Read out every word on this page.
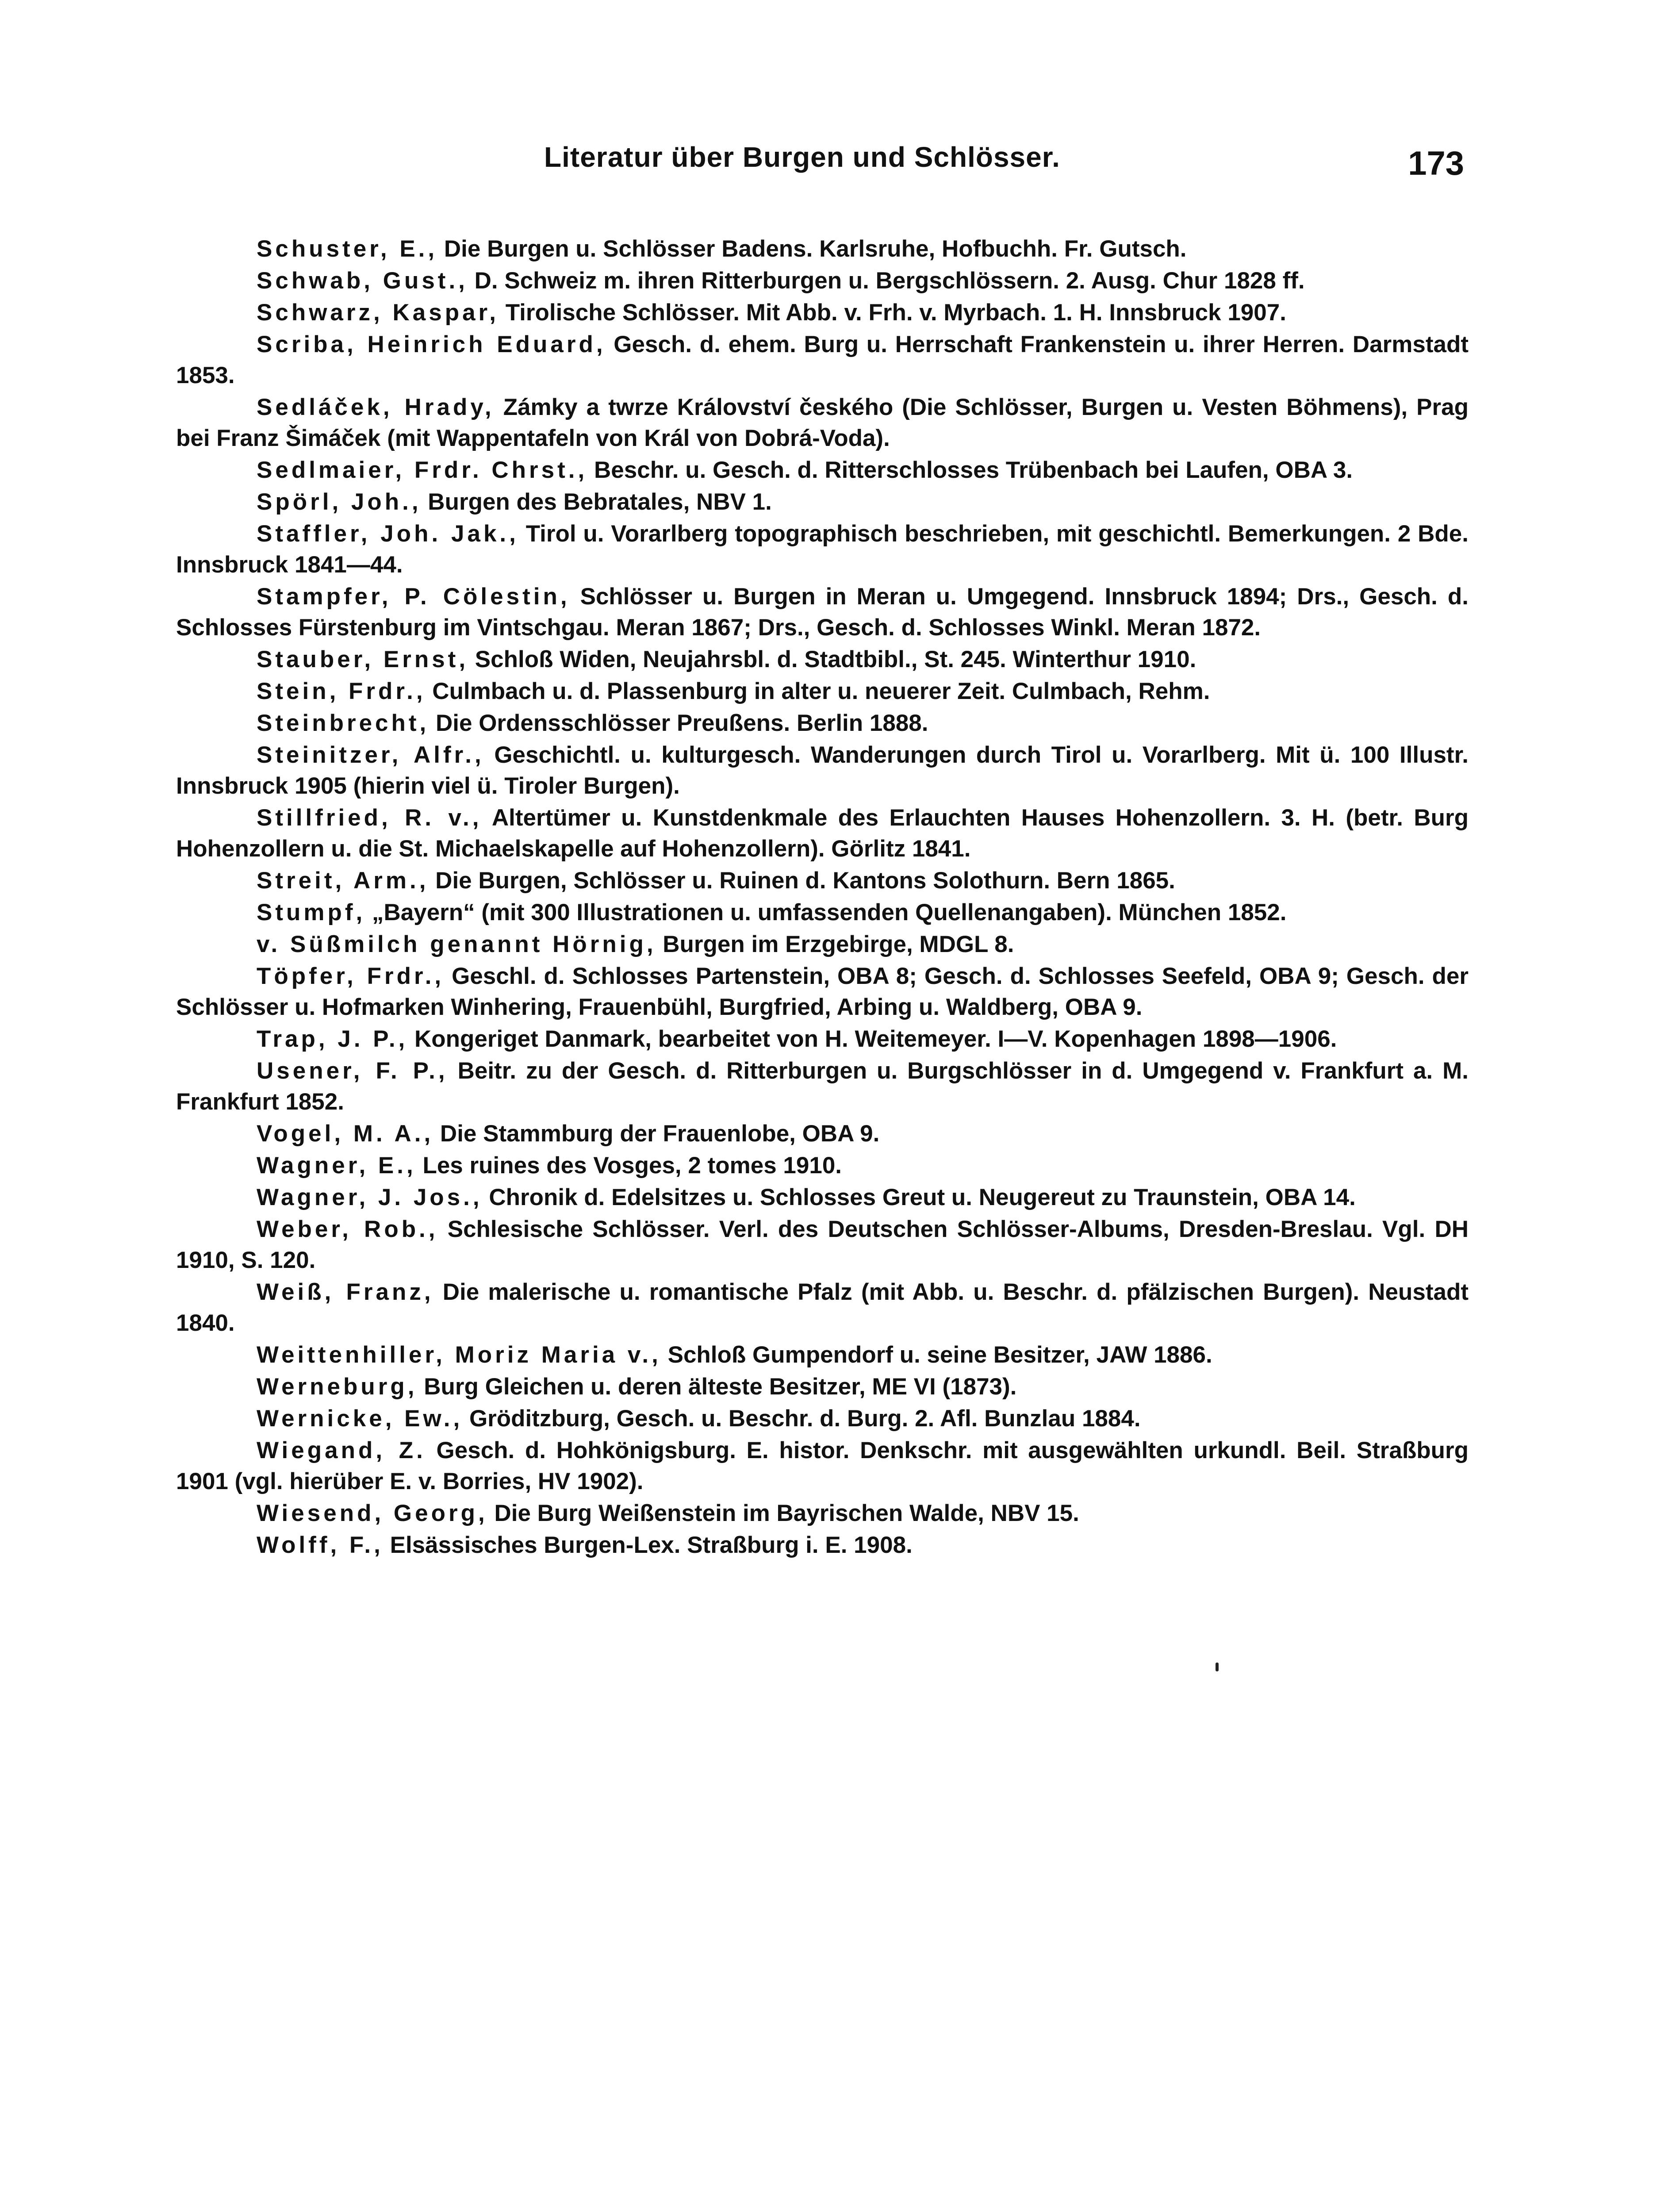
Literatur über Burgen und Schlösser.	173

Schuster, E., Die Burgen u. Schlösser Badens. Karlsruhe, Hofbuchh. Fr. Gutsch.

Schwab, Gust., D. Schweiz m. ihren Ritterburgen u. Bergschlössern. 2. Ausg. Chur 1828 ff.

Schwarz, Kaspar, Tirolische Schlösser. Mit Abb. v. Frh. v. Myrbach. 1. H. Innsbruck 1907.

Scriba, Heinrich Eduard, Gesch. d. ehem. Burg u. Herrschaft Frankenstein u. ihrer Herren. Darmstadt 1853.

Sedláček, Hrady, Zámky a twrze Království českého (Die Schlösser, Burgen u. Vesten Böhmens), Prag bei Franz Šimáček (mit Wappentafeln von Král von Dobrá-Voda).

Sedlmaier, Frdr. Chrst., Beschr. u. Gesch. d. Ritterschlosses Trübenbach bei Laufen, OBA 3.

Spörl, Joh., Burgen des Bebratales, NBV 1.

Staffler, Joh. Jak., Tirol u. Vorarlberg topographisch beschrieben, mit geschichtl. Bemerkungen. 2 Bde. Innsbruck 1841—44.

Stampfer, P. Cölestin, Schlösser u. Burgen in Meran u. Umgegend. Innsbruck 1894; Drs., Gesch. d. Schlosses Fürstenburg im Vintschgau. Meran 1867; Drs., Gesch. d. Schlosses Winkl. Meran 1872.

Stauber, Ernst, Schloß Widen, Neujahrsbl. d. Stadtbibl., St. 245. Winterthur 1910.

Stein, Frdr., Culmbach u. d. Plassenburg in alter u. neuerer Zeit. Culmbach, Rehm.

Steinbrecht, Die Ordensschlösser Preußens. Berlin 1888.

Steinitzer, Alfr., Geschichtl. u. kulturgesch. Wanderungen durch Tirol u. Vorarlberg. Mit ü. 100 Illustr. Innsbruck 1905 (hierin viel ü. Tiroler Burgen).

Stillfried, R. v., Altertümer u. Kunstdenkmale des Erlauchten Hauses Hohenzollern. 3. H. (betr. Burg Hohenzollern u. die St. Michaelskapelle auf Hohenzollern). Görlitz 1841.

Streit, Arm., Die Burgen, Schlösser u. Ruinen d. Kantons Solothurn. Bern 1865.

Stumpf, „Bayern“ (mit 300 Illustrationen u. umfassenden Quellenangaben). München 1852.

v. Süßmilch genannt Hörnig, Burgen im Erzgebirge, MDGL 8.

Töpfer, Frdr., Geschl. d. Schlosses Partenstein, OBA 8; Gesch. d. Schlosses Seefeld, OBA 9; Gesch. der Schlösser u. Hofmarken Winhering, Frauenbühl, Burgfried, Arbing u. Waldberg, OBA 9.

Trap, J. P., Kongeriget Danmark, bearbeitet von H. Weitemeyer. I—V. Kopenhagen 1898—1906.

Usener, F. P., Beitr. zu der Gesch. d. Ritterburgen u. Burgschlösser in d. Umgegend v. Frankfurt a. M. Frankfurt 1852.

Vogel, M. A., Die Stammburg der Frauenlobe, OBA 9.

Wagner, E., Les ruines des Vosges, 2 tomes 1910.

Wagner, J. Jos., Chronik d. Edelsitzes u. Schlosses Greut u. Neugereut zu Traunstein, OBA 14.

Weber, Rob., Schlesische Schlösser. Verl. des Deutschen Schlösser-Albums, Dresden-Breslau. Vgl. DH 1910, S. 120.

Weiß, Franz, Die malerische u. romantische Pfalz (mit Abb. u. Beschr. d. pfälzischen Burgen). Neustadt 1840.

Weittenhiller, Moriz Maria v., Schloß Gumpendorf u. seine Besitzer, JAW 1886.

Werneburg, Burg Gleichen u. deren älteste Besitzer, ME VI (1873).

Wernicke, Ew., Gröditzburg, Gesch. u. Beschr. d. Burg. 2. Afl. Bunzlau 1884.

Wiegand, Z. Gesch. d. Hohkönigsburg. E. histor. Denkschr. mit ausgewählten urkundl. Beil. Straßburg 1901 (vgl. hierüber E. v. Borries, HV 1902).

Wiesend, Georg, Die Burg Weißenstein im Bayrischen Walde, NBV 15.

Wolff, F., Elsässisches Burgen-Lex. Straßburg i. E. 1908.
